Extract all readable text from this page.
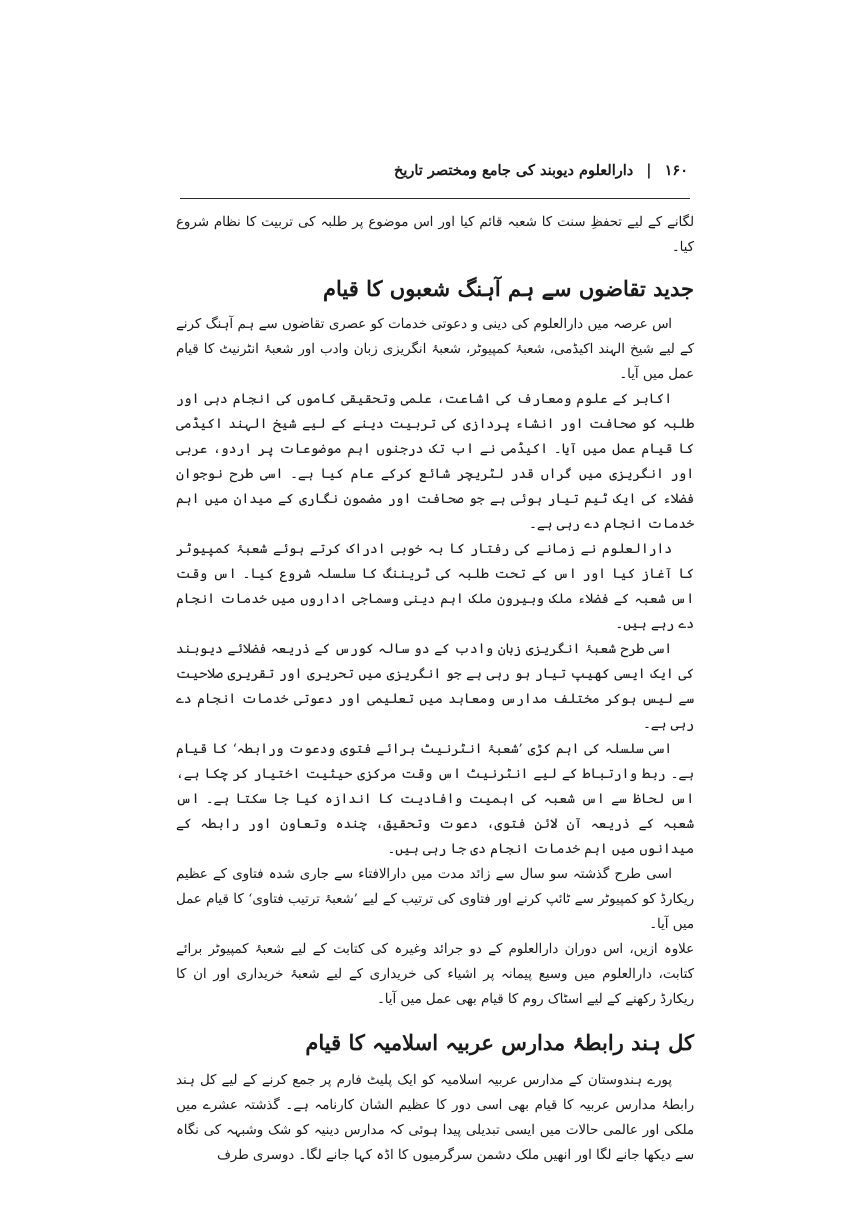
۱۶۰ | دارالعلوم دیوبند کی جامع ومختصر تاریخ

لگانے کے لیے تحفظِ سنت کا شعبہ قائم کیا اور اس موضوع پر طلبہ کی تربیت کا نظام شروع کیا۔

جدید تقاضوں سے ہم آہنگ شعبوں کا قیام

اس عرصہ میں دارالعلوم کی دینی و دعوتی خدمات کو عصری تقاضوں سے ہم آہنگ کرنے کے لیے شیخ الہند اکیڈمی، شعبۂ کمپیوٹر، شعبۂ انگریزی زبان وادب اور شعبۂ انٹرنیٹ کا قیام عمل میں آیا۔

اکابر کے علوم ومعارف کی اشاعت، علمی وتحقیقی کاموں کی انجام دہی اور طلبہ کو صحافت اور انشاء پردازی کی تربیت دینے کے لیے شیخ الہند اکیڈمی کا قیام عمل میں آیا۔ اکیڈمی نے اب تک درجنوں اہم موضوعات پر اردو، عربی اور انگریزی میں گراں قدر لٹریچر شائع کرکے عام کیا ہے۔ اسی طرح نوجوان فضلاء کی ایک ٹیم تیار ہوئی ہے جو صحافت اور مضمون نگاری کے میدان میں اہم خدمات انجام دے رہی ہے۔

دارالعلوم نے زمانے کی رفتار کا بہ خوبی ادراک کرتے ہوئے شعبۂ کمپیوٹر کا آغاز کیا اور اس کے تحت طلبہ کی ٹریننگ کا سلسلہ شروع کیا۔ اس وقت اس شعبہ کے فضلاء ملک وبیرون ملک اہم دینی وسماجی اداروں میں خدمات انجام دے رہے ہیں۔

اسی طرح شعبۂ انگریزی زبان وادب کے دو سالہ کورس کے ذریعہ فضلائے دیوبند کی ایک ایسی کھیپ تیار ہو رہی ہے جو انگریزی میں تحریری اور تقریری صلاحیت سے لیس ہوکر مختلف مدارس ومعاہد میں تعلیمی اور دعوتی خدمات انجام دے رہی ہے۔

اسی سلسلہ کی اہم کڑی ’شعبۂ انٹرنیٹ برائے فتوی ودعوت ورابطہ‘ کا قیام ہے۔ ربط وارتباط کے لیے انٹرنیٹ اس وقت مرکزی حیثیت اختیار کر چکا ہے، اس لحاظ سے اس شعبہ کی اہمیت وافادیت کا اندازہ کیا جا سکتا ہے۔ اس شعبہ کے ذریعہ آن لائن فتوی، دعوت وتحقیق، چندہ وتعاون اور رابطہ کے میدانوں میں اہم خدمات انجام دی جا رہی ہیں۔

اسی طرح گذشتہ سو سال سے زائد مدت میں دارالافتاء سے جاری شدہ فتاوی کے عظیم ریکارڈ کو کمپیوٹر سے ٹائپ کرنے اور فتاوی کی ترتیب کے لیے ’شعبۂ ترتیب فتاوی‘ کا قیام عمل میں آیا۔

علاوہ ازیں، اس دوران دارالعلوم کے دو جرائد وغیرہ کی کتابت کے لیے شعبۂ کمپیوٹر برائے کتابت، دارالعلوم میں وسیع پیمانہ پر اشیاء کی خریداری کے لیے شعبۂ خریداری اور ان کا ریکارڈ رکھنے کے لیے اسٹاک روم کا قیام بھی عمل میں آیا۔

کل ہند رابطۂ مدارس عربیہ اسلامیہ کا قیام

پورے ہندوستان کے مدارس عربیہ اسلامیہ کو ایک پلیٹ فارم پر جمع کرنے کے لیے کل ہند رابطۂ مدارس عربیہ کا قیام بھی اسی دور کا عظیم الشان کارنامہ ہے۔ گذشتہ عشرے میں ملکی اور عالمی حالات میں ایسی تبدیلی پیدا ہوئی کہ مدارس دینیہ کو شک وشبہہ کی نگاہ سے دیکھا جانے لگا اور انھیں ملک دشمن سرگرمیوں کا اڈہ کہا جانے لگا۔ دوسری طرف
